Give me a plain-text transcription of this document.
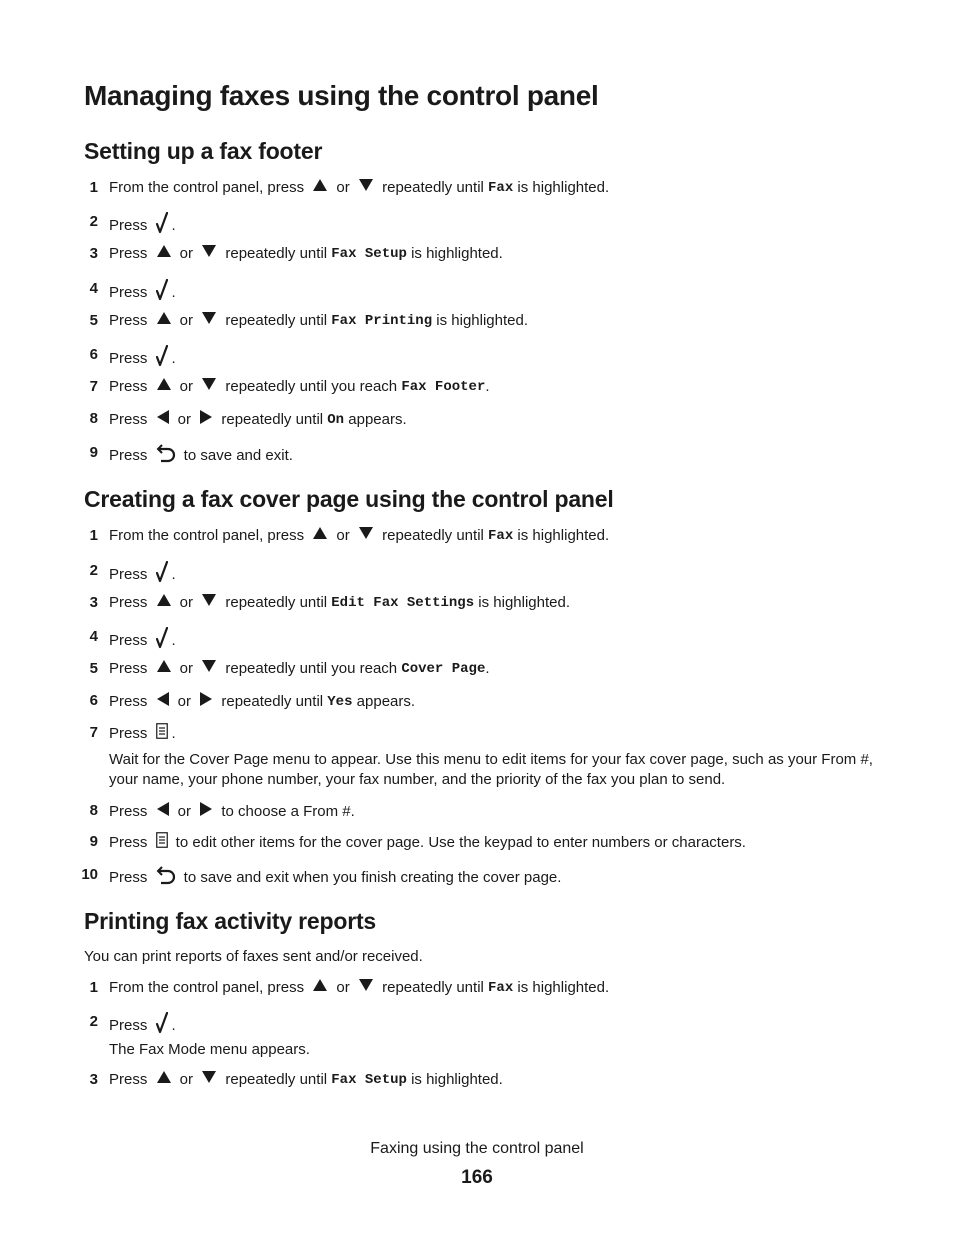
Managing faxes using the control panel
Setting up a fax footer
1 From the control panel, press or repeatedly until Fax is highlighted.
2 Press .
3 Press or repeatedly until Fax Setup is highlighted.
4 Press .
5 Press or repeatedly until Fax Printing is highlighted.
6 Press .
7 Press or repeatedly until you reach Fax Footer .
8 Press or repeatedly until On appears.
9 Press to save and exit.
Creating a fax cover page using the control panel
1 From the control panel, press or repeatedly until Fax is highlighted.
2 Press .
3 Press or repeatedly until Edit Fax Settings is highlighted.
4 Press .
5 Press or repeatedly until you reach Cover Page .
6 Press or repeatedly until Yes appears.
7 Press .
Wait for the Cover Page menu to appear. Use this menu to edit items for your fax cover page, such as your From #, your name, your phone number, your fax number, and the priority of the fax you plan to send.
8 Press or to choose a From #.
9 Press to edit other items for the cover page. Use the keypad to enter numbers or characters.
10 Press to save and exit when you finish creating the cover page.
Printing fax activity reports
You can print reports of faxes sent and/or received.
1 From the control panel, press or repeatedly until Fax is highlighted.
2 Press .
The Fax Mode menu appears.
3 Press or repeatedly until Fax Setup is highlighted.
Faxing using the control panel
166
